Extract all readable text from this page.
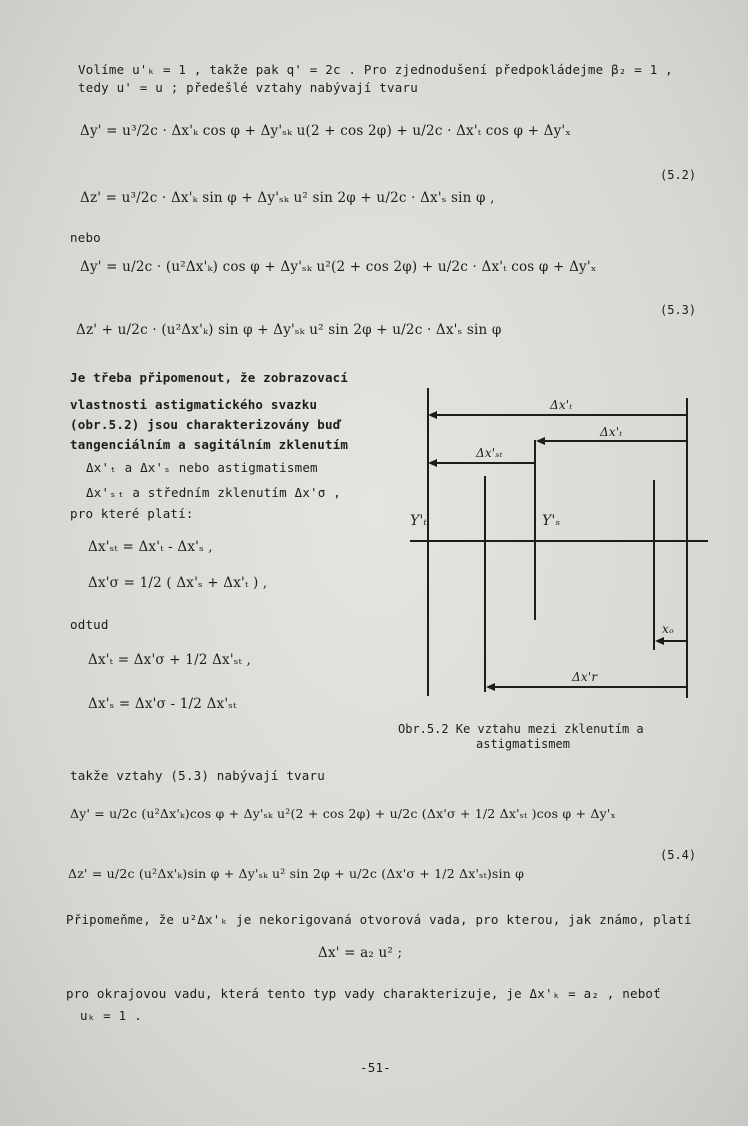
Volíme u'ₖ = 1 , takže pak q' = 2c . Pro zjednodušení předpokládejme β₂ = 1 ,
tedy u' = u ; předešlé vztahy nabývají tvaru
Δy' = u³/2c · Δx'ₖ cos φ + Δy'ₛₖ u(2 + cos 2φ) + u/2c · Δx'ₜ cos φ + Δy'ₓ
(5.2)
Δz' = u³/2c · Δx'ₖ sin φ + Δy'ₛₖ u² sin 2φ + u/2c · Δx'ₛ sin φ ,
nebo
Δy' = u/2c · (u²Δx'ₖ) cos φ + Δy'ₛₖ u²(2 + cos 2φ) + u/2c · Δx'ₜ cos φ + Δy'ₓ
(5.3)
Δz' + u/2c · (u²Δx'ₖ) sin φ + Δy'ₛₖ u² sin 2φ + u/2c · Δx'ₛ sin φ
Je třeba připomenout, že zobrazovací
vlastnosti astigmatického svazku
(obr.5.2) jsou charakterizovány buď
tangenciálním a sagitálním zklenutím
Δx'ₜ a Δx'ₛ nebo astigmatismem
Δx'ₛₜ a středním zklenutím Δx'σ ,
pro které platí:
Δx'ₛₜ = Δx'ₜ - Δx'ₛ ,
Δx'σ = 1/2 ( Δx'ₛ + Δx'ₜ ) ,
odtud
Δx'ₜ = Δx'σ + 1/2 Δx'ₛₜ ,
Δx'ₛ = Δx'σ - 1/2 Δx'ₛₜ
Δx'ₜ
Δx'ₜ
Δx'ₛₜ
Y'ₜ	Y'ₛ
xₒ
Δx'r
Obr.5.2 Ke vztahu mezi zklenutím a
astigmatismem
takže vztahy (5.3) nabývají tvaru
Δy' = u/2c (u²Δx'ₖ)cos φ + Δy'ₛₖ u²(2 + cos 2φ) + u/2c (Δx'σ + 1/2 Δx'ₛₜ )cos φ + Δy'ₓ
(5.4)
Δz' = u/2c (u²Δx'ₖ)sin φ + Δy'ₛₖ u² sin 2φ + u/2c (Δx'σ + 1/2 Δx'ₛₜ)sin φ
Připomeňme, že u²Δx'ₖ je nekorigovaná otvorová vada, pro kterou, jak známo, platí
Δx' = a₂ u² ;
pro okrajovou vadu, která tento typ vady charakterizuje, je Δx'ₖ = a₂ , neboť
uₖ = 1 .
-51-
